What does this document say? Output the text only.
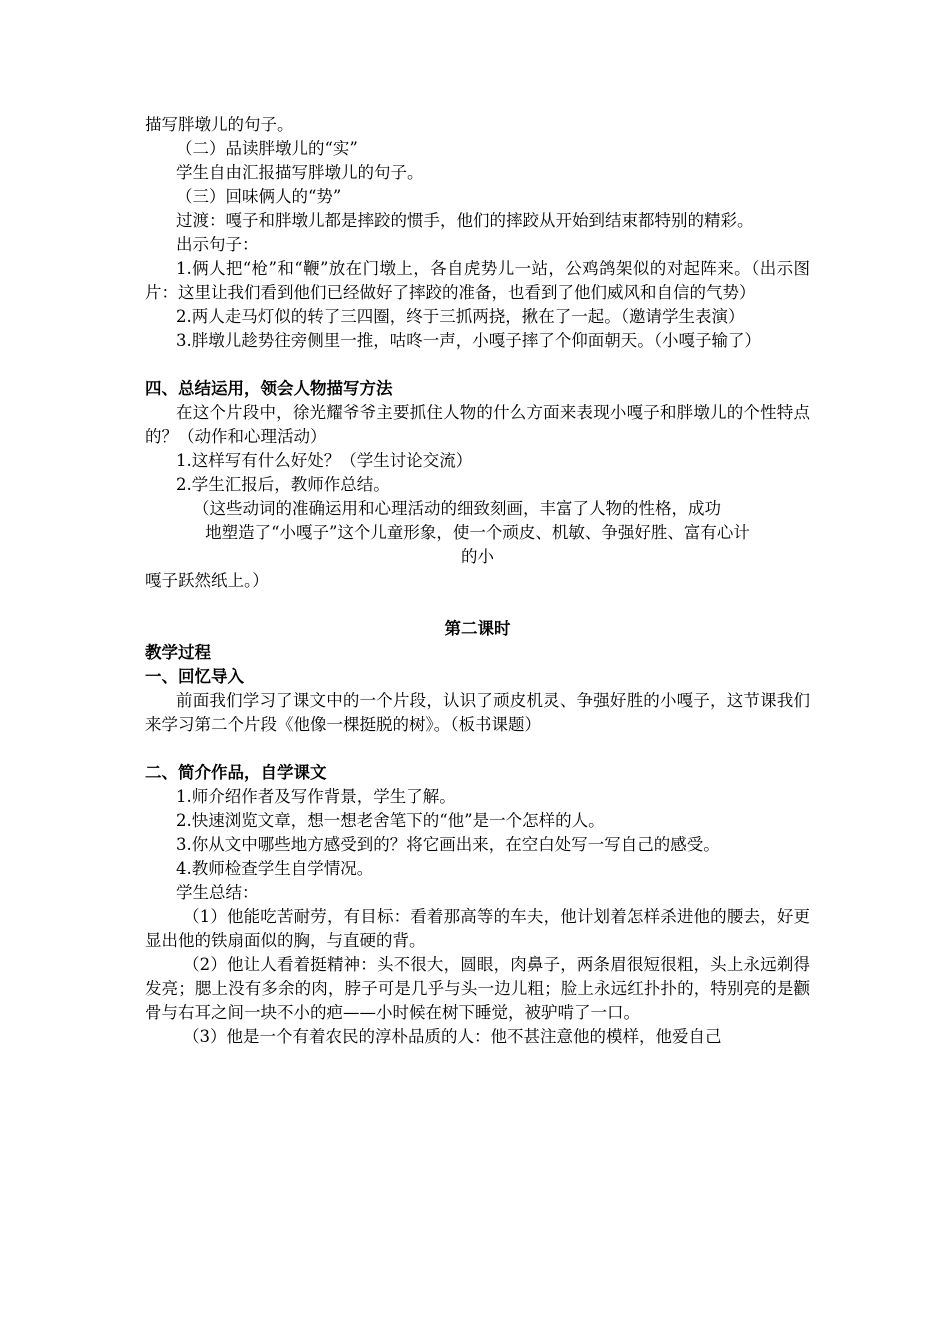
描写胖墩儿的句子。

（二）品读胖墩儿的“实”

学生自由汇报描写胖墩儿的句子。

（三）回味俩人的“势”

过渡：嘎子和胖墩儿都是摔跤的惯手，他们的摔跤从开始到结束都特别的精彩。

出示句子：

1.俩人把“枪”和“鞭”放在门墩上，各自虎势儿一站，公鸡鸽架似的对起阵来。（出示图片：这里让我们看到他们已经做好了摔跤的准备，也看到了他们威风和自信的气势）

2.两人走马灯似的转了三四圈，终于三抓两挠，揪在了一起。（邀请学生表演）

3.胖墩儿趁势往旁侧里一推，咕咚一声，小嘎子摔了个仰面朝天。（小嘎子输了）

四、总结运用，领会人物描写方法

在这个片段中，徐光耀爷爷主要抓住人物的什么方面来表现小嘎子和胖墩儿的个性特点的？（动作和心理活动）

1.这样写有什么好处？（学生讨论交流）

2.学生汇报后，教师作总结。

（这些动词的准确运用和心理活动的细致刻画，丰富了人物的性格，成功

地塑造了“小嘎子”这个儿童形象，使一个顽皮、机敏、争强好胜、富有心计

的小

嘎子跃然纸上。）

第二课时

教学过程

一、回忆导入

前面我们学习了课文中的一个片段，认识了顽皮机灵、争强好胜的小嘎子，这节课我们来学习第二个片段《他像一棵挺脱的树》。（板书课题）

二、简介作品，自学课文

1.师介绍作者及写作背景，学生了解。

2.快速浏览文章，想一想老舍笔下的“他”是一个怎样的人。

3.你从文中哪些地方感受到的？将它画出来，在空白处写一写自己的感受。

4.教师检查学生自学情况。

学生总结：

（1）他能吃苦耐劳，有目标：看着那高等的车夫，他计划着怎样杀进他的腰去，好更显出他的铁扇面似的胸，与直硬的背。

（2）他让人看着挺精神：头不很大，圆眼，肉鼻子，两条眉很短很粗，头上永远剃得发亮；腮上没有多余的肉，脖子可是几乎与头一边儿粗；脸上永远红扑扑的，特别亮的是颧骨与右耳之间一块不小的疤——小时候在树下睡觉，被驴啃了一口。

（3）他是一个有着农民的淳朴品质的人：他不甚注意他的模样，他爱自己
